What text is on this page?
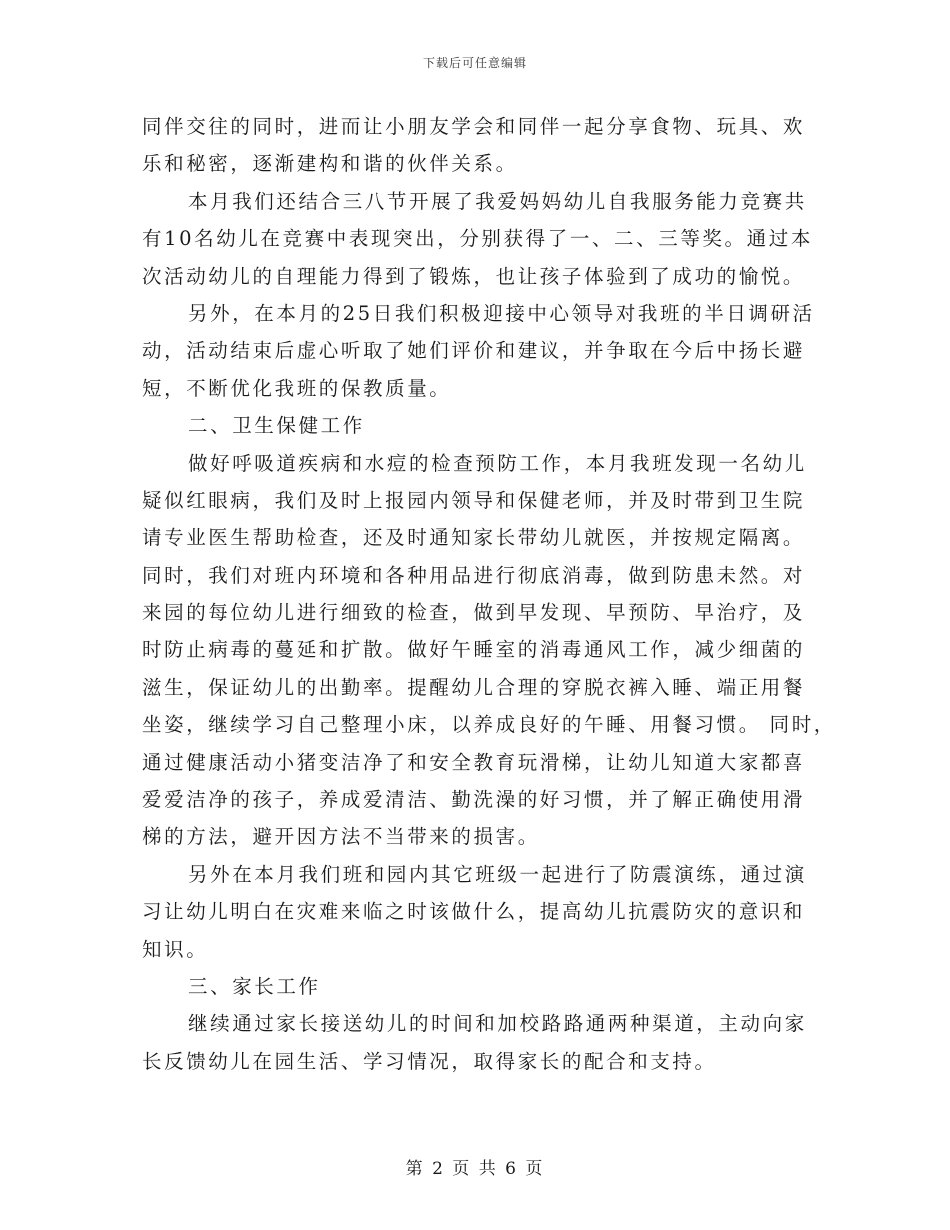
下载后可任意编辑
同伴交往的同时，进而让小朋友学会和同伴一起分享食物、玩具、欢
乐和秘密，逐渐建构和谐的伙伴关系。
本月我们还结合三八节开展了我爱妈妈幼儿自我服务能力竞赛共
有10名幼儿在竞赛中表现突出，分别获得了一、二、三等奖。通过本
次活动幼儿的自理能力得到了锻炼，也让孩子体验到了成功的愉悦。
另外，在本月的25日我们积极迎接中心领导对我班的半日调研活
动，活动结束后虚心听取了她们评价和建议，并争取在今后中扬长避
短，不断优化我班的保教质量。
二、卫生保健工作
做好呼吸道疾病和水痘的检查预防工作，本月我班发现一名幼儿
疑似红眼病，我们及时上报园内领导和保健老师，并及时带到卫生院
请专业医生帮助检查，还及时通知家长带幼儿就医，并按规定隔离。
同时，我们对班内环境和各种用品进行彻底消毒，做到防患未然。对
来园的每位幼儿进行细致的检查，做到早发现、早预防、早治疗，及
时防止病毒的蔓延和扩散。做好午睡室的消毒通风工作，减少细菌的
滋生，保证幼儿的出勤率。提醒幼儿合理的穿脱衣裤入睡、端正用餐
坐姿，继续学习自己整理小床，以养成良好的午睡、用餐习惯。 同时，
通过健康活动小猪变洁净了和安全教育玩滑梯，让幼儿知道大家都喜
爱爱洁净的孩子，养成爱清洁、勤洗澡的好习惯，并了解正确使用滑
梯的方法，避开因方法不当带来的损害。
另外在本月我们班和园内其它班级一起进行了防震演练，通过演
习让幼儿明白在灾难来临之时该做什么，提高幼儿抗震防灾的意识和
知识。
三、家长工作
继续通过家长接送幼儿的时间和加校路路通两种渠道，主动向家
长反馈幼儿在园生活、学习情况，取得家长的配合和支持。
第 2 页 共 6 页
